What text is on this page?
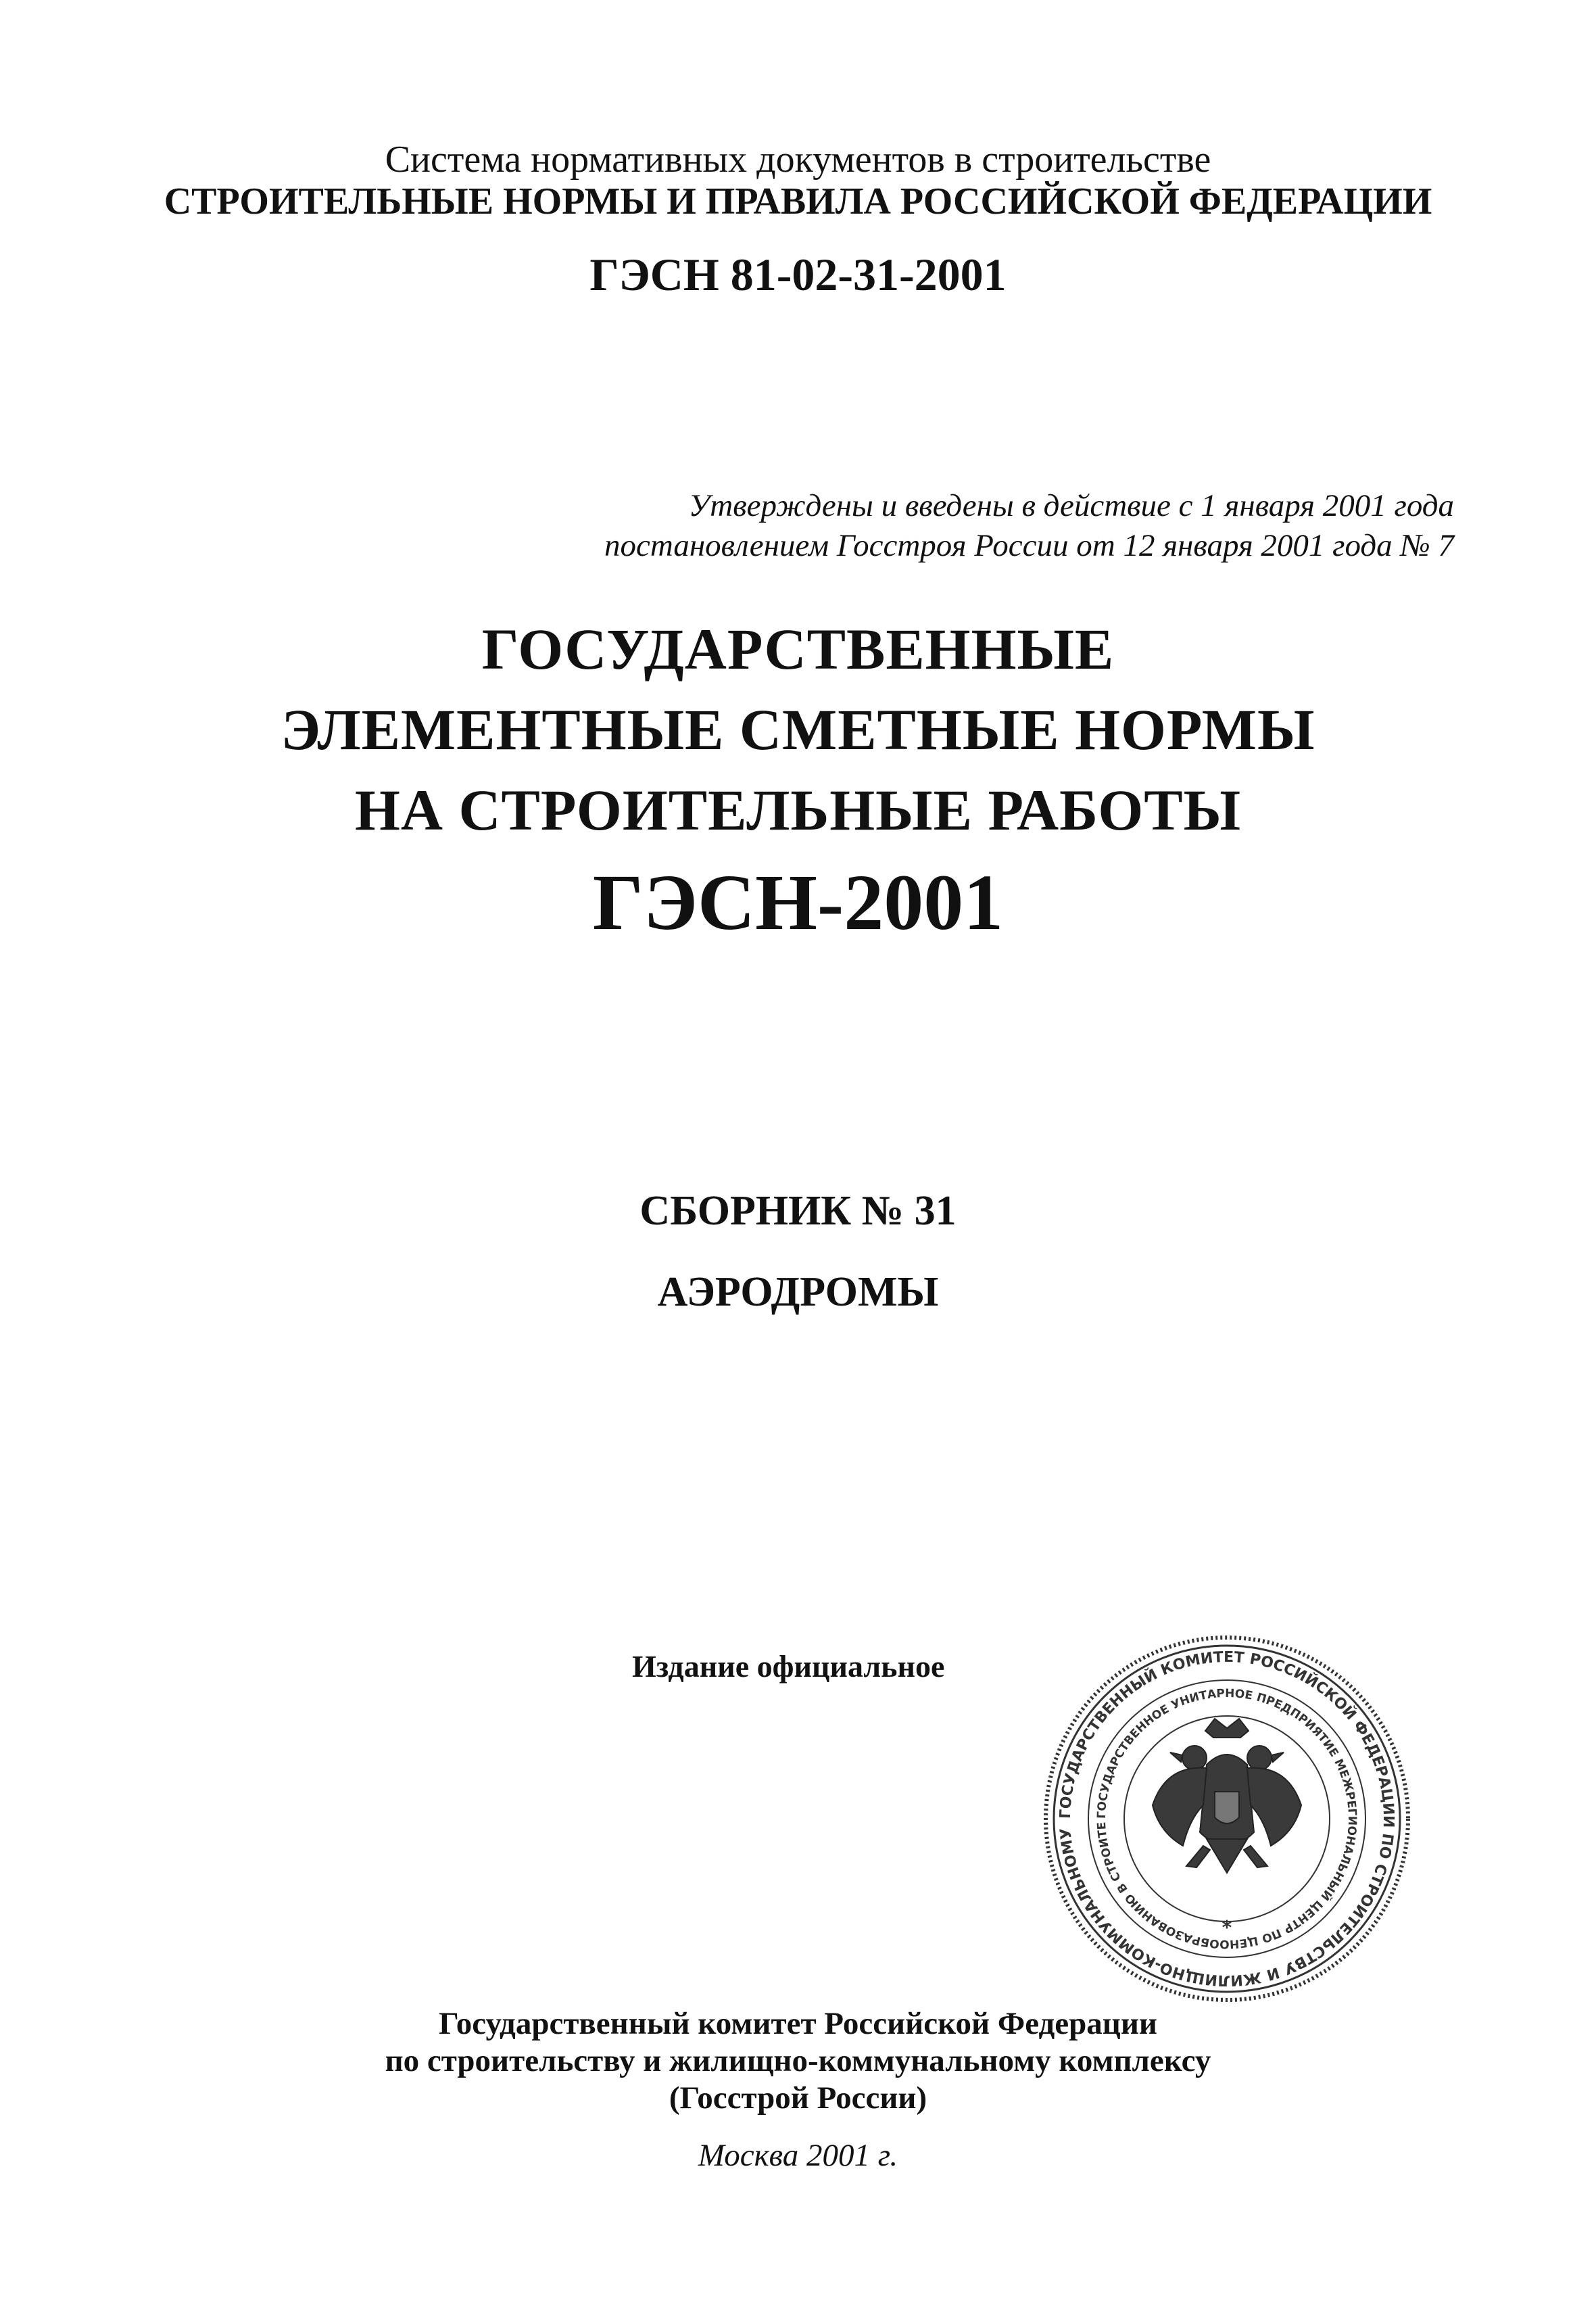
Система нормативных документов в строительстве
СТРОИТЕЛЬНЫЕ НОРМЫ И ПРАВИЛА РОССИЙСКОЙ ФЕДЕРАЦИИ
ГЭСН 81-02-31-2001
Утверждены и введены в действие с 1 января 2001 года
постановлением Госстроя России от 12 января 2001 года № 7
ГОСУДАРСТВЕННЫЕ
ЭЛЕМЕНТНЫЕ СМЕТНЫЕ НОРМЫ
НА СТРОИТЕЛЬНЫЕ РАБОТЫ
ГЭСН-2001
СБОРНИК № 31
АЭРОДРОМЫ
Издание официальное
ГОСУДАРСТВЕННЫЙ КОМИТЕТ РОССИЙСКОЙ ФЕДЕРАЦИИ ПО СТРОИТЕЛЬСТВУ И ЖИЛИЩНО-КОММУНАЛЬНОМУ
ГОСУДАРСТВЕННОЕ УНИТАРНОЕ ПРЕДПРИЯТИЕ МЕЖРЕГИОНАЛЬНЫЙ ЦЕНТР ПО ЦЕНООБРАЗОВАНИЮ В СТРОИТЕ
*
Государственный комитет Российской Федерации
по строительству и жилищно-коммунальному комплексу
(Госстрой России)
Москва 2001 г.
